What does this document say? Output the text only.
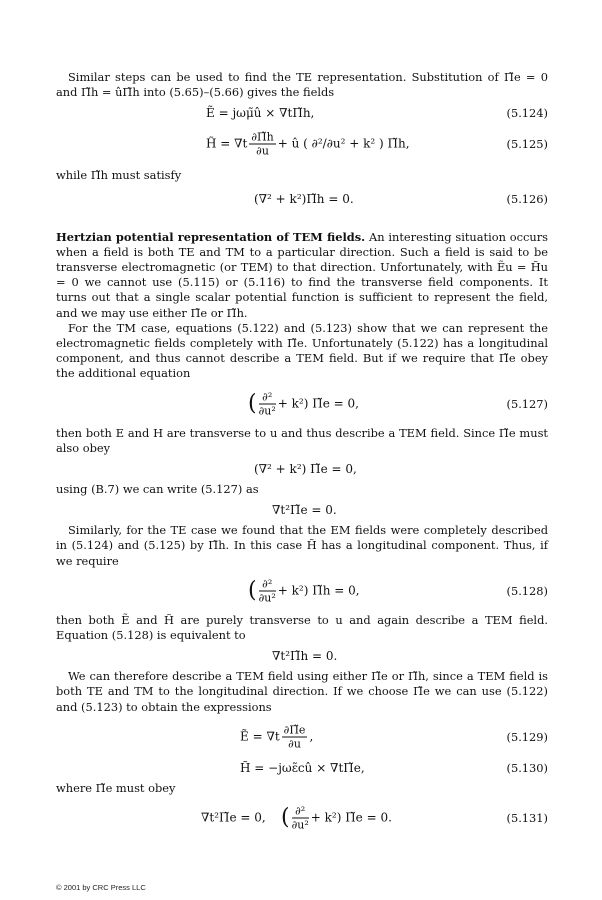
Similar steps can be used to find the TE representation. Substitution of Π̃e = 0 and Π̃h = ûΠ̃h into (5.65)–(5.66) gives the fields

Ẽ = jωμ̃û × ∇tΠ̃h,	(5.124)
H̃ = $\nabla t \frac{\partial\Pĩh}{\partial u}$ + û ( ∂²/∂u² + k² ) Π̃h,	(5.125)

while Π̃h must satisfy

(∇² + k²)Π̃h = 0.	(5.126)

Hertzian potential representation of TEM fields. An interesting situation occurs when a field is both TE and TM to a particular direction. Such a field is said to be transverse electromagnetic (or TEM) to that direction. Unfortunately, with Ẽu = H̃u = 0 we cannot use (5.115) or (5.116) to find the transverse field components. It turns out that a single scalar potential function is sufficient to represent the field, and we may use either Π̃e or Π̃h.

For the TM case, equations (5.122) and (5.123) show that we can represent the electromagnetic fields completely with Π̃e. Unfortunately (5.122) has a longitudinal component, and thus cannot describe a TEM field. But if we require that Π̃e obey the additional equation

( $\frac{\text{∂²}}{\text{∂u²}} + k^2$) Π̃e = 0,	(5.127)

then both E and H are transverse to u and thus describe a TEM field. Since Π̃e must also obey

(∇² + k²) Π̃e = 0,

using (B.7) we can write (5.127) as

∇t²Π̃e = 0.

Similarly, for the TE case we found that the EM fields were completely described in (5.124) and (5.125) by Π̃h. In this case H̃ has a longitudinal component. Thus, if we require

( $\frac{\text{∂²}}{\text{∂u²}} + k^2$) Π̃h = 0,	(5.128)

then both Ẽ and H̃ are purely transverse to u and again describe a TEM field. Equation (5.128) is equivalent to

∇t²Π̃h = 0.

We can therefore describe a TEM field using either Π̃e or Π̃h, since a TEM field is both TE and TM to the longitudinal direction. If we choose Π̃e we can use (5.122) and (5.123) to obtain the expressions

Ẽ = $\nabla t \frac{\partial\Pĩe}{\partial u}$ ,	(5.129)
H̃ = −jωε̃cû × ∇tΠ̃e,	(5.130)

where Π̃e must obey

∇t²Π̃e = 0, ( $\frac{\text{∂²}}{\text{∂u²}} + k^2$) Π̃e = 0.	(5.131)
© 2001 by CRC Press LLC
